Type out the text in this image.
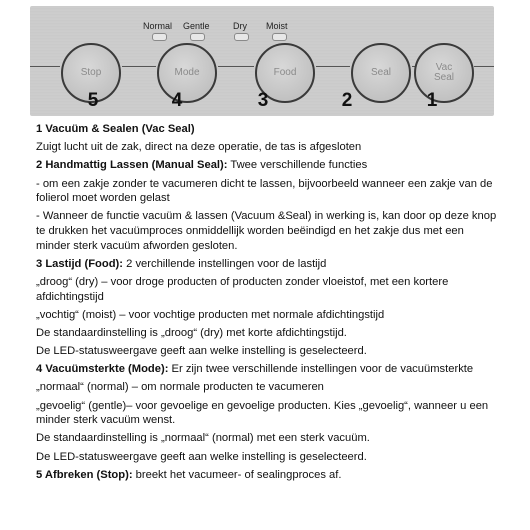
Normal Gentle	Dry Moist
Stop	Mode	Food	Seal	Vac
Seal
5	4	3	2	1

1 Vacuüm & Sealen (Vac Seal)

Zuigt lucht uit de zak, direct na deze operatie, de tas is afgesloten

2 Handmattig Lassen (Manual Seal): Twee verschillende functies

- om een zakje zonder te vacumeren dicht te lassen, bijvoorbeeld wanneer een zakje van de folierol moet worden gelast

- Wanneer de functie vacuüm & lassen (Vacuum &Seal) in werking is, kan door op deze knop te drukken het vacuümproces onmiddellijk worden beëindigd en het zakje dus met een minder sterk vacuüm afworden gesloten.

3 Lastijd (Food): 2 verchillende instellingen voor de lastijd

„droog“ (dry) – voor droge producten of producten zonder vloeistof, met een kortere afdichtingstijd

„vochtig“ (moist) – voor vochtige producten met normale afdichtingstijd

De standaardinstelling is „droog“ (dry) met korte afdichtingstijd.

De LED-statusweergave geeft aan welke instelling is geselecteerd.

4 Vacuümsterkte (Mode): Er zijn twee verschillende instellingen voor de vacuümsterkte

„normaal“ (normal) – om normale producten te vacumeren

„gevoelig“ (gentle)– voor gevoelige en gevoelige producten. Kies „gevoelig“, wanneer u een minder sterk vacuüm wenst.

De standaardinstelling is „normaal“ (normal) met een sterk vacuüm.

De LED-statusweergave geeft aan welke instelling is geselecteerd.

5 Afbreken (Stop): breekt het vacumeer- of sealingproces af.
